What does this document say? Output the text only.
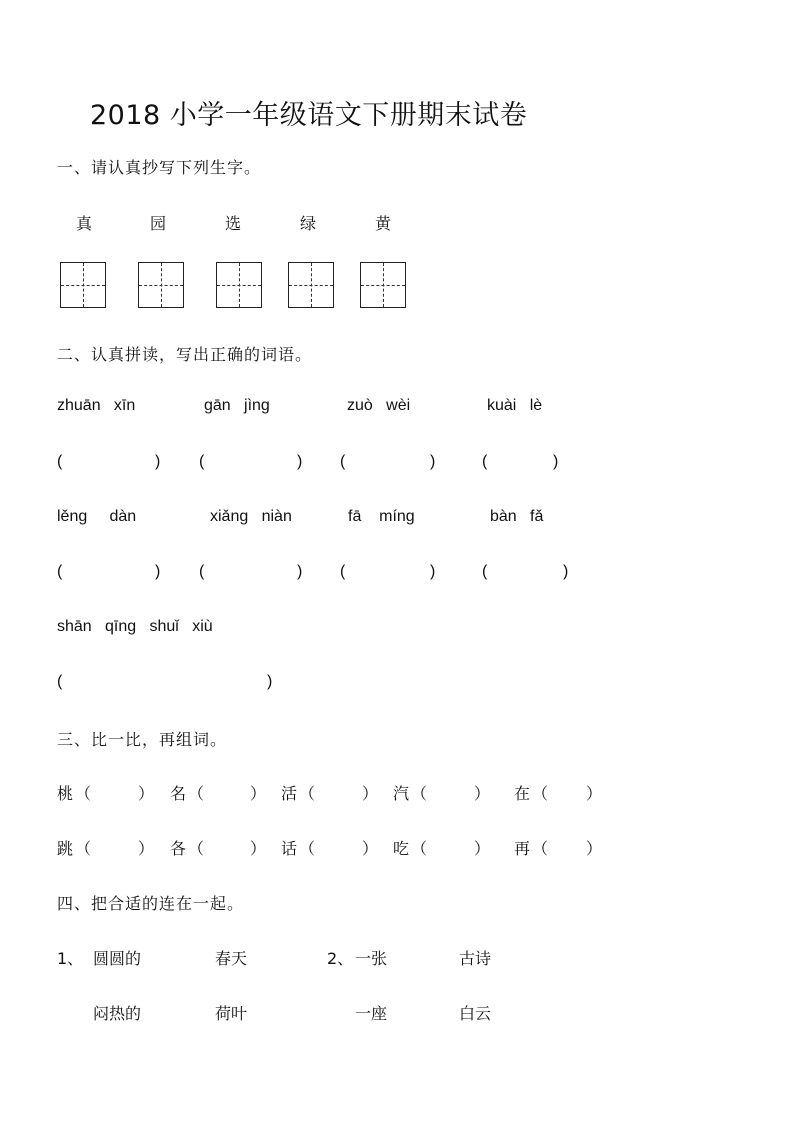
2018 小学一年级语文下册期末试卷
一、请认真抄写下列生字。
真	园	选	绿	黄
二、认真拼读，写出正确的词语。
zhuān   xīn	gān   jìng	zuò   wèi	kuài   lè
(	) (	) (	)	(	)
lěng     dàn	xiǎng   niàn	fā    míng	bàn   fǎ
(	) (	) (	)	(	)
shān   qīng   shuǐ   xiù
(	)
三、比一比，再组词。
桃 （	） 名 （	） 活 （	） 汽 （	） 在 （ ）
跳 （	） 各 （	） 话 （	） 吃 （	） 再 （ ）
四、把合适的连在一起。
1、 圆圆的	春天	2、 一张	古诗
闷热的	荷叶	一座	白云
